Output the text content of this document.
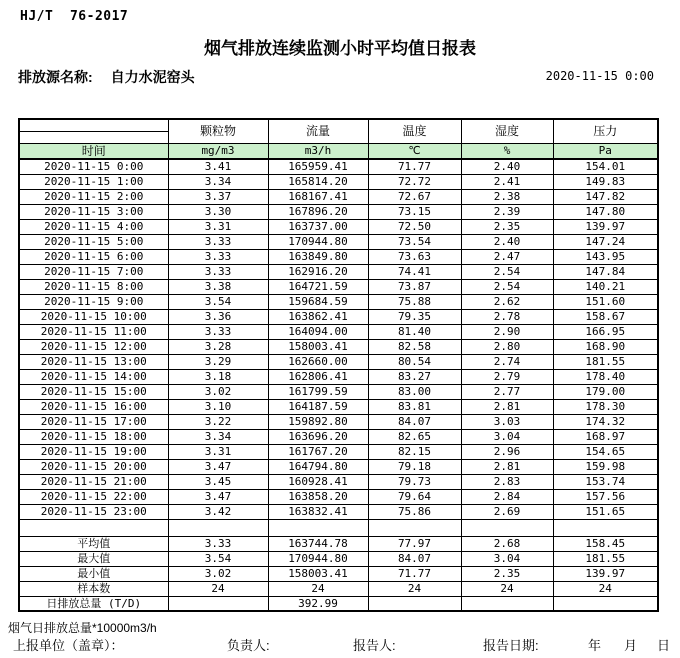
HJ/T  76-2017
烟气排放连续监测小时平均值日报表
排放源名称: 自力水泥窑头	2020-11-15 0:00
	颗粒物	流量	温度	湿度	压力
时间	mg/m3	m3/h	℃	%	Pa
2020-11-15 0:00	3.41	165959.41	71.77	2.40	154.01
2020-11-15 1:00	3.34	165814.20	72.72	2.41	149.83
2020-11-15 2:00	3.37	168167.41	72.67	2.38	147.82
2020-11-15 3:00	3.30	167896.20	73.15	2.39	147.80
2020-11-15 4:00	3.31	163737.00	72.50	2.35	139.97
2020-11-15 5:00	3.33	170944.80	73.54	2.40	147.24
2020-11-15 6:00	3.33	163849.80	73.63	2.47	143.95
2020-11-15 7:00	3.33	162916.20	74.41	2.54	147.84
2020-11-15 8:00	3.38	164721.59	73.87	2.54	140.21
2020-11-15 9:00	3.54	159684.59	75.88	2.62	151.60
2020-11-15 10:00	3.36	163862.41	79.35	2.78	158.67
2020-11-15 11:00	3.33	164094.00	81.40	2.90	166.95
2020-11-15 12:00	3.28	158003.41	82.58	2.80	168.90
2020-11-15 13:00	3.29	162660.00	80.54	2.74	181.55
2020-11-15 14:00	3.18	162806.41	83.27	2.79	178.40
2020-11-15 15:00	3.02	161799.59	83.00	2.77	179.00
2020-11-15 16:00	3.10	164187.59	83.81	2.81	178.30
2020-11-15 17:00	3.22	159892.80	84.07	3.03	174.32
2020-11-15 18:00	3.34	163696.20	82.65	3.04	168.97
2020-11-15 19:00	3.31	161767.20	82.15	2.96	154.65
2020-11-15 20:00	3.47	164794.80	79.18	2.81	159.98
2020-11-15 21:00	3.45	160928.41	79.73	2.83	153.74
2020-11-15 22:00	3.47	163858.20	79.64	2.84	157.56
2020-11-15 23:00	3.42	163832.41	75.86	2.69	151.65

平均值	3.33	163744.78	77.97	2.68	158.45
最大值	3.54	170944.80	84.07	3.04	181.55
最小值	3.02	158003.41	71.77	2.35	139.97
样本数	24	24	24	24	24
日排放总量 (T/D)		392.99			
烟气日排放总量*10000m3/h
上报单位（盖章）：	负责人:	报告人:	报告日期:	年 月 日
